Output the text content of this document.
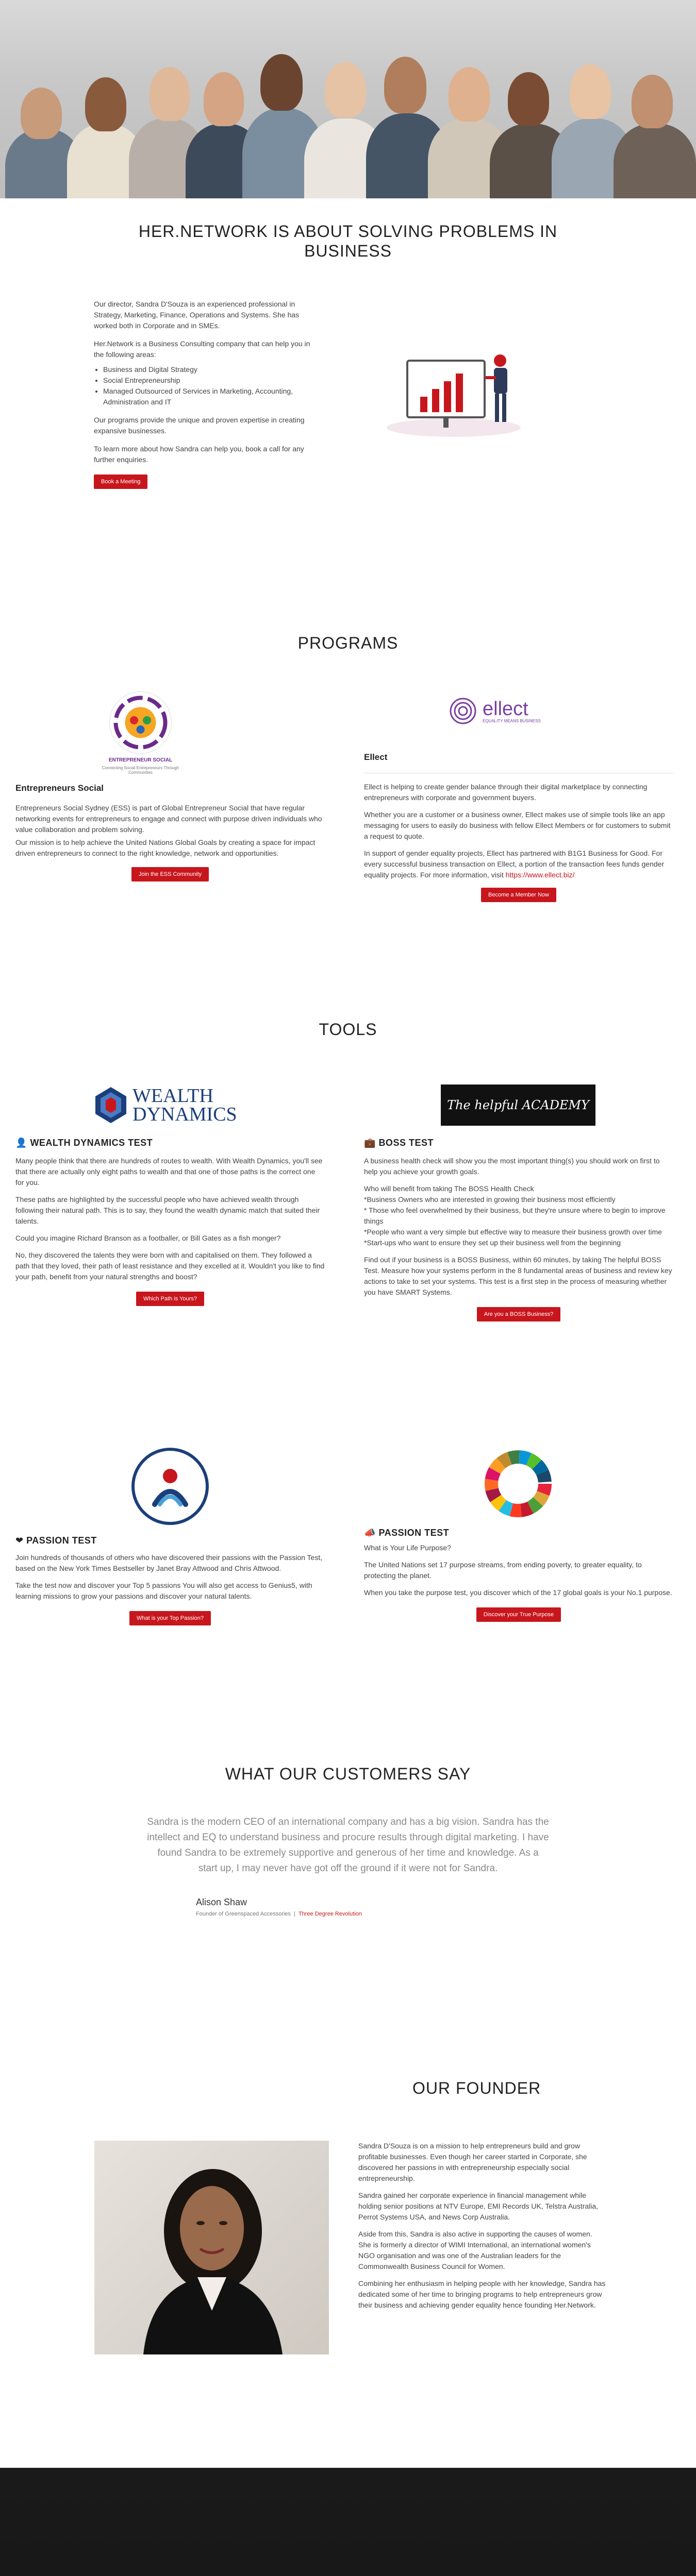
HER.NETWORK IS ABOUT SOLVING PROBLEMS IN
BUSINESS

Our director, Sandra D'Souza is an experienced professional in Strategy, Marketing, Finance, Operations and Systems. She has worked both in Corporate and in SMEs.

Her.Network is a Business Consulting company that can help you in the following areas:

• Business and Digital Strategy
• Social Entrepreneurship
• Managed Outsourced of Services in Marketing, Accounting, Administration and IT

Our programs provide the unique and proven expertise in creating expansive businesses.

To learn more about how Sandra can help you, book a call for any further enquiries.

Book a Meeting
PROGRAMS
ENTREPRENEUR SOCIAL
Connecting Social Entrepreneurs Through Communities
ellect
EQUALITY MEANS BUSINESS
Entrepreneurs Social

Entrepreneurs Social Sydney (ESS) is part of Global Entrepreneur Social that have regular networking events for entrepreneurs to engage and connect with purpose driven individuals who value collaboration and problem solving.

Our mission is to help achieve the United Nations Global Goals by creating a space for impact driven entrepreneurs to connect to the right knowledge, network and opportunities.

Join the ESS Community
Ellect

Ellect is helping to create gender balance through their digital marketplace by connecting entrepreneurs with corporate and government buyers.

Whether you are a customer or a business owner, Ellect makes use of simple tools like an app messaging for users to easily do business with fellow Ellect Members or for customers to submit a request to quote.

In support of gender equality projects, Ellect has partnered with B1G1 Business for Good. For every successful business transaction on Ellect, a portion of the transaction fees funds gender equality projects. For more information, visit https://www.ellect.biz/

Become a Member Now
TOOLS
WEALTH
DYNAMICS	The helpful ACADEMY
👤 WEALTH DYNAMICS TEST

Many people think that there are hundreds of routes to wealth. With Wealth Dynamics, you'll see that there are actually only eight paths to wealth and that one of those paths is the correct one for you.

These paths are highlighted by the successful people who have achieved wealth through following their natural path. This is to say, they found the wealth dynamic match that suited their talents.

Could you imagine Richard Branson as a footballer, or Bill Gates as a fish monger?

No, they discovered the talents they were born with and capitalised on them. They followed a path that they loved, their path of least resistance and they excelled at it. Wouldn't you like to find your path, benefit from your natural strengths and boost?

Which Path is Yours?
💼 BOSS TEST

A business health check will show you the most important thing(s) you should work on first to help you achieve your growth goals.

Who will benefit from taking The BOSS Health Check

*Business Owners who are interested in growing their business most efficiently

* Those who feel overwhelmed by their business, but they're unsure where to begin to improve things

*People who want a very simple but effective way to measure their business growth over time

*Start-ups who want to ensure they set up their business well from the beginning

Find out if your business is a BOSS Business, within 60 minutes, by taking The helpful BOSS Test. Measure how your systems perform in the 8 fundamental areas of business and review key actions to take to set your systems. This test is a first step in the process of measuring whether you have SMART Systems.

Are you a BOSS Business?
❤ PASSION TEST

Join hundreds of thousands of others who have discovered their passions with the Passion Test, based on the New York Times Bestseller by Janet Bray Attwood and Chris Attwood.

Take the test now and discover your Top 5 passions You will also get access to Genius5, with learning missions to grow your passions and discover your natural talents.

What is your Top Passion?
📣 PASSION TEST

What is Your Life Purpose?

The United Nations set 17 purpose streams, from ending poverty, to greater equality, to protecting the planet.

When you take the purpose test, you discover which of the 17 global goals is your No.1 purpose.

Discover your True Purpose
WHAT OUR CUSTOMERS SAY

Sandra is the modern CEO of an international company and has a big vision. Sandra has the intellect and EQ to understand business and procure results through digital marketing. I have found Sandra to be extremely supportive and generous of her time and knowledge. As a start up, I may never have got off the ground if it were not for Sandra.

Alison Shaw
Founder of Greenspaced Accessories  |  Three Degree Revolution
OUR FOUNDER

Sandra D'Souza is on a mission to help entrepreneurs build and grow profitable businesses. Even though her career started in Corporate, she discovered her passions in with entrepreneurship especially social entrepreneurship.

Sandra gained her corporate experience in financial management while holding senior positions at NTV Europe, EMI Records UK, Telstra Australia, Perrot Systems USA, and News Corp Australia.

Aside from this, Sandra is also active in supporting the causes of women. She is formerly a director of WIMI International, an international women's NGO organisation and was one of the Australian leaders for the Commonwealth Business Council for Women.

Combining her enthusiasm in helping people with her knowledge, Sandra has dedicated some of her time to bringing programs to help entrepreneurs grow their business and achieving gender equality hence founding Her.Network.
